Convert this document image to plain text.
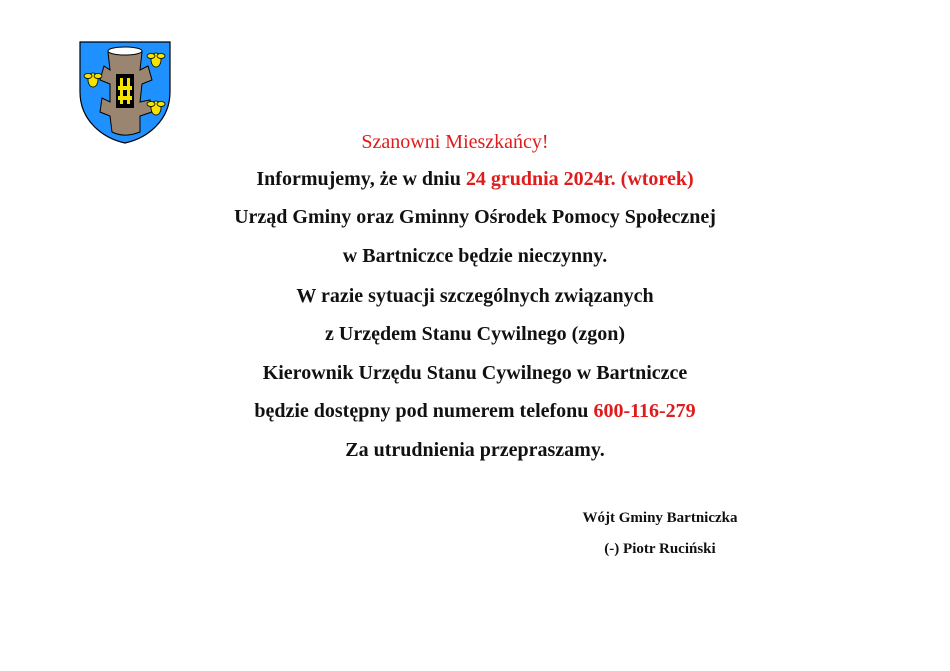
Szanowni Mieszkańcy!
Informujemy, że w dniu 24 grudnia 2024r. (wtorek)
Urząd Gminy oraz Gminny Ośrodek Pomocy Społecznej
w Bartniczce będzie nieczynny.
W razie sytuacji szczególnych związanych
z Urzędem Stanu Cywilnego (zgon)
Kierownik Urzędu Stanu Cywilnego w Bartniczce
będzie dostępny pod numerem telefonu 600-116-279
Za utrudnienia przepraszamy.
Wójt Gminy Bartniczka
(-) Piotr Ruciński
